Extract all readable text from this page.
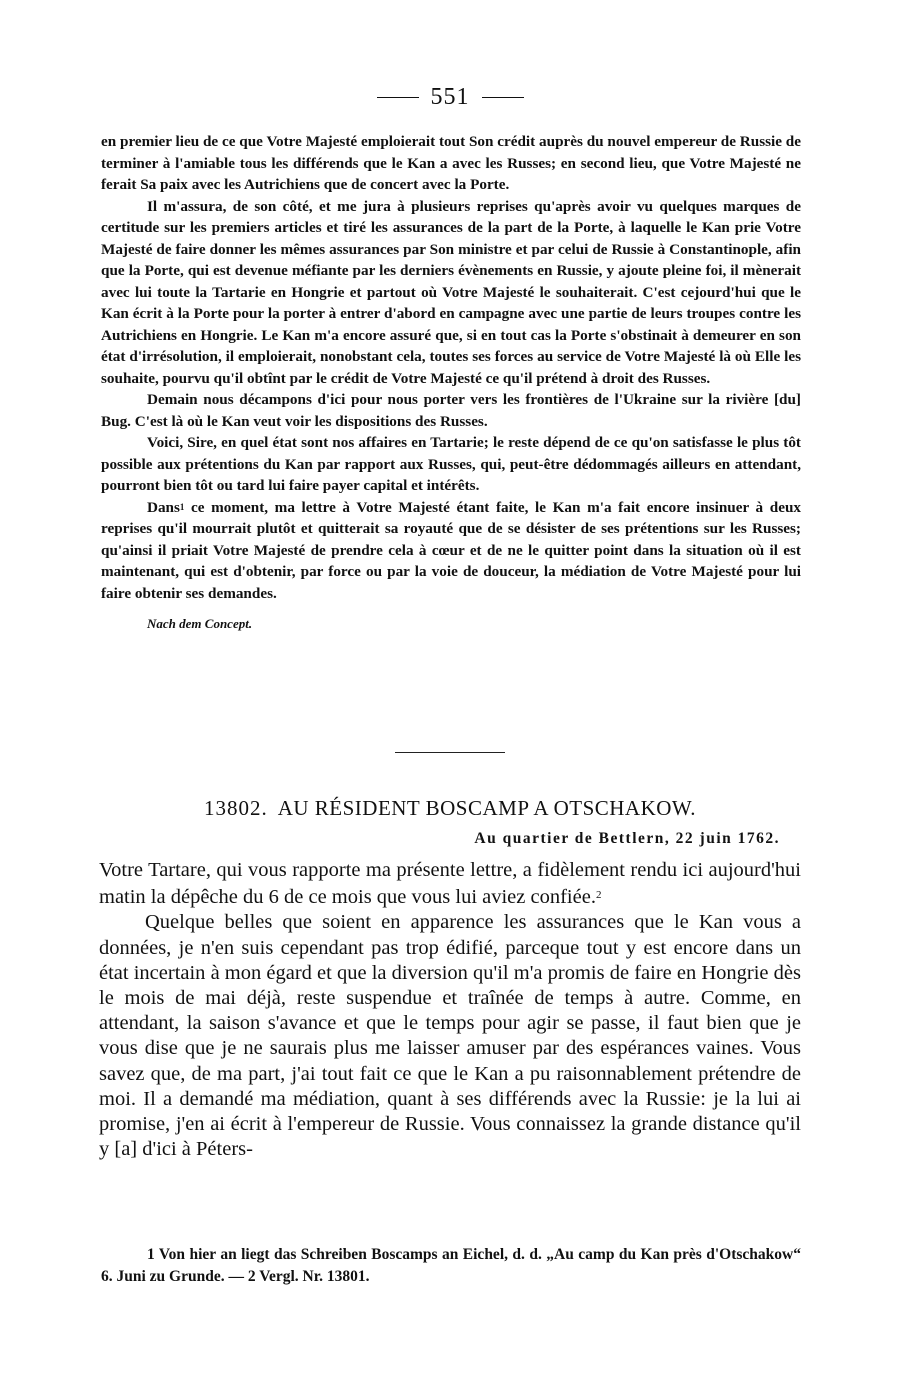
551

en premier lieu de ce que Votre Majesté emploierait tout Son crédit auprès du nouvel empereur de Russie de terminer à l'amiable tous les différends que le Kan a avec les Russes; en second lieu, que Votre Majesté ne ferait Sa paix avec les Autrichiens que de concert avec la Porte.

Il m'assura, de son côté, et me jura à plusieurs reprises qu'après avoir vu quelques marques de certitude sur les premiers articles et tiré les assurances de la part de la Porte, à laquelle le Kan prie Votre Majesté de faire donner les mêmes assurances par Son ministre et par celui de Russie à Constantinople, afin que la Porte, qui est devenue méfiante par les derniers évènements en Russie, y ajoute pleine foi, il mènerait avec lui toute la Tartarie en Hongrie et partout où Votre Majesté le souhaiterait. C'est cejourd'hui que le Kan écrit à la Porte pour la porter à entrer d'abord en campagne avec une partie de leurs troupes contre les Autrichiens en Hongrie. Le Kan m'a encore assuré que, si en tout cas la Porte s'obstinait à demeurer en son état d'irrésolution, il emploierait, nonobstant cela, toutes ses forces au service de Votre Majesté là où Elle les souhaite, pourvu qu'il obtînt par le crédit de Votre Majesté ce qu'il prétend à droit des Russes.

Demain nous décampons d'ici pour nous porter vers les frontières de l'Ukraine sur la rivière [du] Bug. C'est là où le Kan veut voir les dispositions des Russes.

Voici, Sire, en quel état sont nos affaires en Tartarie; le reste dépend de ce qu'on satisfasse le plus tôt possible aux prétentions du Kan par rapport aux Russes, qui, peut-être dédommagés ailleurs en attendant, pourront bien tôt ou tard lui faire payer capital et intérêts.

Dans$^1$ ce moment, ma lettre à Votre Majesté étant faite, le Kan m'a fait encore insinuer à deux reprises qu'il mourrait plutôt et quitterait sa royauté que de se désister de ses prétentions sur les Russes; qu'ainsi il priait Votre Majesté de prendre cela à cœur et de ne le quitter point dans la situation où il est maintenant, qui est d'obtenir, par force ou par la voie de douceur, la médiation de Votre Majesté pour lui faire obtenir ses demandes.

Nach dem Concept.

13802. AU RÉSIDENT BOSCAMP A OTSCHAKOW.
Au quartier de Bettlern, 22 juin 1762.

Votre Tartare, qui vous rapporte ma présente lettre, a fidèlement rendu ici aujourd'hui matin la dépêche du 6 de ce mois que vous lui aviez confiée.$^2$

Quelque belles que soient en apparence les assurances que le Kan vous a données, je n'en suis cependant pas trop édifié, parceque tout y est encore dans un état incertain à mon égard et que la diversion qu'il m'a promis de faire en Hongrie dès le mois de mai déjà, reste suspendue et traînée de temps à autre. Comme, en attendant, la saison s'avance et que le temps pour agir se passe, il faut bien que je vous dise que je ne saurais plus me laisser amuser par des espérances vaines. Vous savez que, de ma part, j'ai tout fait ce que le Kan a pu raisonnablement prétendre de moi. Il a demandé ma médiation, quant à ses différends avec la Russie: je la lui ai promise, j'en ai écrit à l'empereur de Russie. Vous connaissez la grande distance qu'il y [a] d'ici à Péters-

1 Von hier an liegt das Schreiben Boscamps an Eichel, d. d. „Au camp du Kan près d'Otschakow“ 6. Juni zu Grunde. — 2 Vergl. Nr. 13801.
